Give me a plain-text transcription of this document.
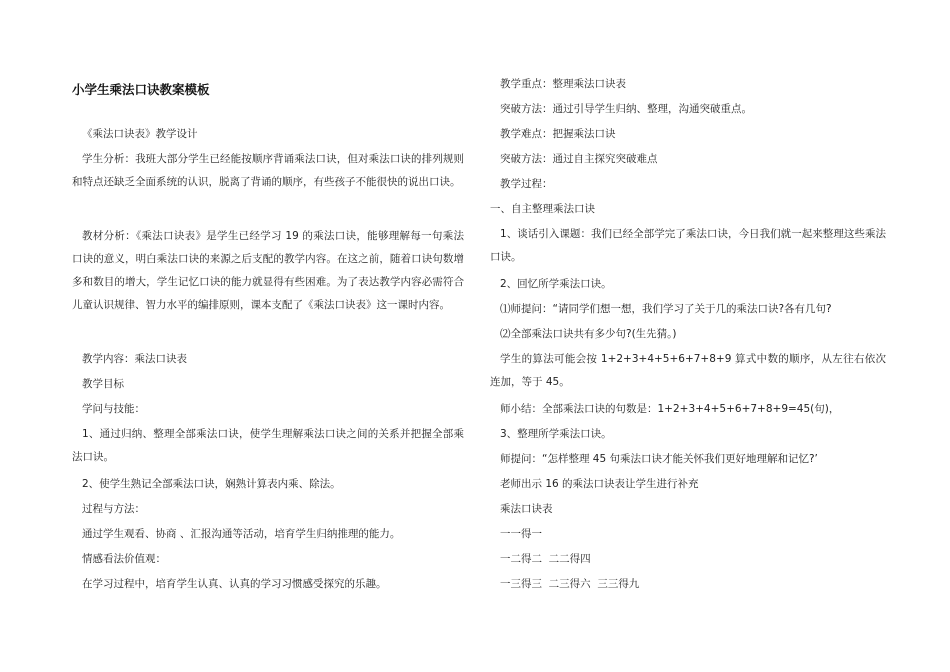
小学生乘法口诀教案模板
《乘法口诀表》教学设计
学生分析：我班大部分学生已经能按顺序背诵乘法口诀，但对乘法口诀的排列规则和特点还缺乏全面系统的认识，脱离了背诵的顺序，有些孩子不能很快的说出口诀。
教材分析：《乘法口诀表》是学生已经学习 19 的乘法口诀，能够理解每一句乘法口诀的意义，明白乘法口诀的来源之后支配的教学内容。在这之前，随着口诀句数增多和数目的增大，学生记忆口诀的能力就显得有些困难。为了表达教学内容必需符合儿童认识规律、智力水平的编排原则，课本支配了《乘法口诀表》这一课时内容。
教学内容：乘法口诀表
教学目标
学问与技能：
1、通过归纳、整理全部乘法口诀，使学生理解乘法口诀之间的关系并把握全部乘法口诀。
2、使学生熟记全部乘法口诀，娴熟计算表内乘、除法。
过程与方法：
通过学生观看、协商 、汇报沟通等活动，培育学生归纳推理的能力。
情感看法价值观：
在学习过程中，培育学生认真、认真的学习习惯感受探究的乐趣。
教学重点：整理乘法口诀表
突破方法：通过引导学生归纳、整理，沟通突破重点。
教学难点：把握乘法口诀
突破方法：通过自主探究突破难点
教学过程：
一、自主整理乘法口诀
1、谈话引入课题：我们已经全部学完了乘法口诀，今日我们就一起来整理这些乘法口诀。
2、回忆所学乘法口诀。
⑴师提问：“请同学们想一想，我们学习了关于几的乘法口诀?各有几句?
⑵全部乘法口诀共有多少句?(生先猜。)
学生的算法可能会按 1+2+3+4+5+6+7+8+9 算式中数的顺序，从左往右依次连加，等于 45。
师小结：全部乘法口诀的句数是：1+2+3+4+5+6+7+8+9=45(句)，
3、整理所学乘法口诀。
师提问：“怎样整理 45 句乘法口诀才能关怀我们更好地理解和记忆?’
老师出示 16 的乘法口诀表让学生进行补充
乘法口诀表
一一得一
一二得二  二二得四
一三得三  二三得六  三三得九
